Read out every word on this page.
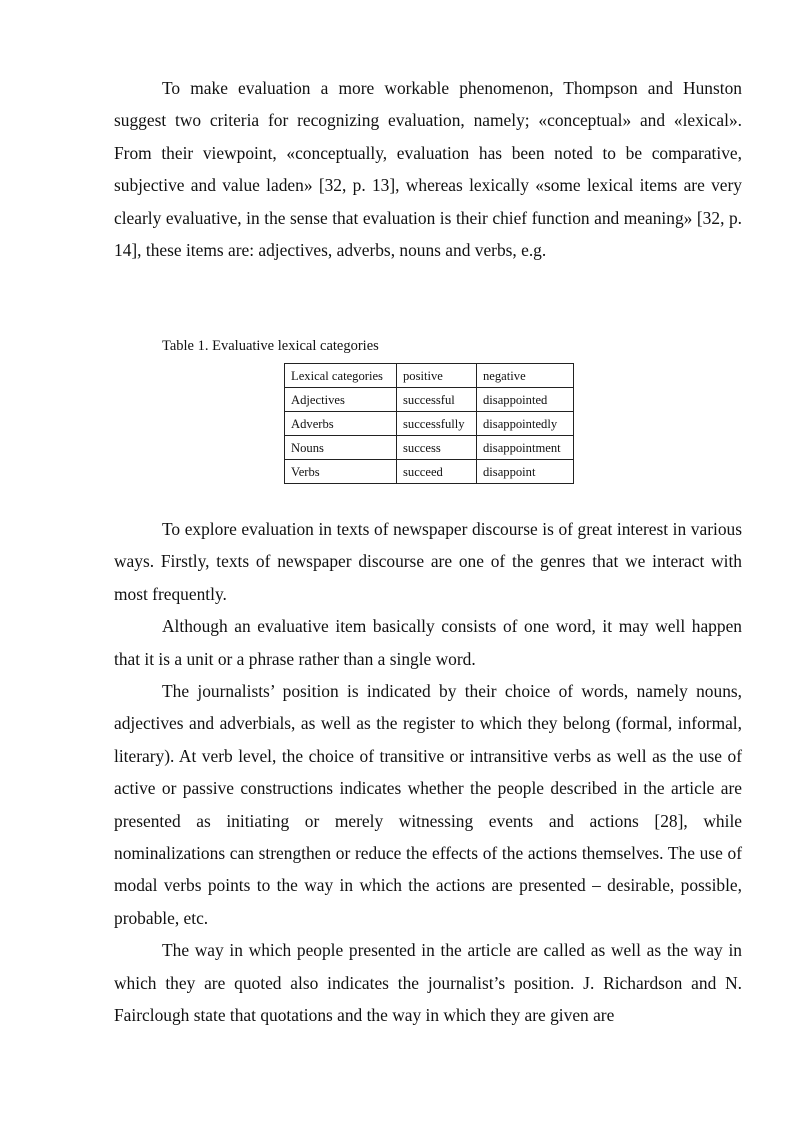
To make evaluation a more workable phenomenon, Thompson and Hunston suggest two criteria for recognizing evaluation, namely; «conceptual» and «lexical». From their viewpoint, «conceptually, evaluation has been noted to be comparative, subjective and value laden» [32, p. 13], whereas lexically «some lexical items are very clearly evaluative, in the sense that evaluation is their chief function and meaning» [32, p. 14], these items are: adjectives, adverbs, nouns and verbs, e.g.

Table 1. Evaluative lexical categories

Lexical categories	positive	negative
Adjectives	successful	disappointed
Adverbs	successfully	disappointedly
Nouns	success	disappointment
Verbs	succeed	disappoint

To explore evaluation in texts of newspaper discourse is of great interest in various ways. Firstly, texts of newspaper discourse are one of the genres that we interact with most frequently.

Although an evaluative item basically consists of one word, it may well happen that it is a unit or a phrase rather than a single word.

The journalists’ position is indicated by their choice of words, namely nouns, adjectives and adverbials, as well as the register to which they belong (formal, informal, literary). At verb level, the choice of transitive or intransitive verbs as well as the use of active or passive constructions indicates whether the people described in the article are presented as initiating or merely witnessing events and actions [28], while nominalizations can strengthen or reduce the effects of the actions themselves. The use of modal verbs points to the way in which the actions are presented – desirable, possible, probable, etc.

The way in which people presented in the article are called as well as the way in which they are quoted also indicates the journalist’s position. J. Richardson and N. Fairclough state that quotations and the way in which they are given are
